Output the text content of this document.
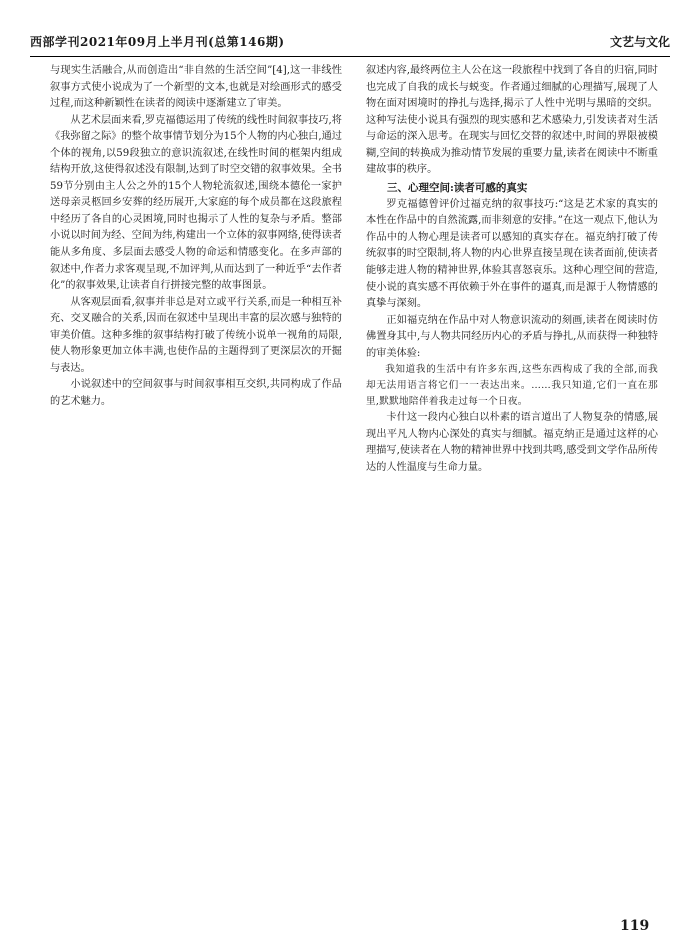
西部学刊2021年09月上半月刊(总第146期)	文艺与文化

与现实生活融合,从而创造出“非自然的生活空间”[4],这一非线性叙事方式使小说成为了一个新型的文本,也就是对绘画形式的感受过程,而这种新颖性在读者的阅读中逐渐建立了审美。

从艺术层面来看,罗克福德运用了传统的线性时间叙事技巧,将《我弥留之际》的整个故事情节划分为15个人物的内心独白,通过个体的视角,以59段独立的意识流叙述,在线性时间的框架内组成结构开放,这使得叙述没有限制,达到了时空交错的叙事效果。全书59节分别由主人公之外的15个人物轮流叙述,围绕本德伦一家护送母亲灵柩回乡安葬的经历展开,大家庭的每个成员都在这段旅程中经历了各自的心灵困境,同时也揭示了人性的复杂与矛盾。整部小说以时间为经、空间为纬,构建出一个立体的叙事网络,使得读者能从多角度、多层面去感受人物的命运和情感变化。在多声部的叙述中,作者力求客观呈现,不加评判,从而达到了一种近乎“去作者化”的叙事效果,让读者自行拼接完整的故事图景。

从客观层面看,叙事并非总是对立或平行关系,而是一种相互补充、交叉融合的关系,因而在叙述中呈现出丰富的层次感与独特的审美价值。这种多维的叙事结构打破了传统小说单一视角的局限,使人物形象更加立体丰满,也使作品的主题得到了更深层次的开掘与表达。

小说叙述中的空间叙事与时间叙事相互交织,共同构成了作品的艺术魅力。

叙述内容,最终两位主人公在这一段旅程中找到了各自的归宿,同时也完成了自我的成长与蜕变。作者通过细腻的心理描写,展现了人物在面对困境时的挣扎与选择,揭示了人性中光明与黑暗的交织。这种写法使小说具有强烈的现实感和艺术感染力,引发读者对生活与命运的深入思考。在现实与回忆交替的叙述中,时间的界限被模糊,空间的转换成为推动情节发展的重要力量,读者在阅读中不断重建故事的秩序。

三、心理空间:读者可感的真实

罗克福德曾评价过福克纳的叙事技巧:“这是艺术家的真实的本性在作品中的自然流露,而非刻意的安排。”在这一观点下,他认为作品中的人物心理是读者可以感知的真实存在。福克纳打破了传统叙事的时空限制,将人物的内心世界直接呈现在读者面前,使读者能够走进人物的精神世界,体验其喜怒哀乐。这种心理空间的营造,使小说的真实感不再依赖于外在事件的逼真,而是源于人物情感的真挚与深刻。

正如福克纳在作品中对人物意识流动的刻画,读者在阅读时仿佛置身其中,与人物共同经历内心的矛盾与挣扎,从而获得一种独特的审美体验:

我知道我的生活中有许多东西,这些东西构成了我的全部,而我却无法用语言将它们一一表达出来。……我只知道,它们一直在那里,默默地陪伴着我走过每一个日夜。

卡什这一段内心独白以朴素的语言道出了人物复杂的情感,展现出平凡人物内心深处的真实与细腻。福克纳正是通过这样的心理描写,使读者在人物的精神世界中找到共鸣,感受到文学作品所传达的人性温度与生命力量。

119
